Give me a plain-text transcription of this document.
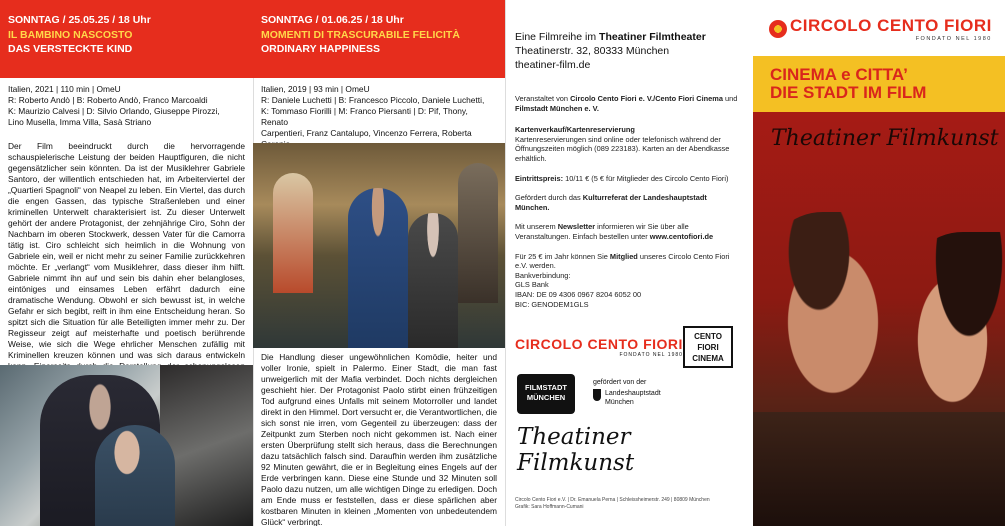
SONNTAG / 25.05.25 / 18 Uhr
IL BAMBINO NASCOSTO
DAS VERSTECKTE KIND
Italien, 2021 | 110 min | OmeU
R: Roberto Andò | B: Roberto Andò, Franco Marcoaldi
K: Maurizio Calvesi | D: Silvio Orlando, Giuseppe Pirozzi,
Lino Musella, Imma Villa, Sasà Striano
Der Film beeindruckt durch die hervorragende schauspielerische Leistung der beiden Hauptfiguren, die nicht gegensätzlicher sein könnten. Da ist der Musiklehrer Gabriele Santoro, der willentlich entschieden hat, im Arbeiterviertel der „Quartieri Spagnoli“ von Neapel zu leben. Ein Viertel, das durch die engen Gassen, das typische Straßenleben und einer kriminellen Unterwelt charakterisiert ist. Zu dieser Unterwelt gehört der andere Protagonist, der zehnjährige Ciro, Sohn der Nachbarn im oberen Stockwerk, dessen Vater für die Camorra tätig ist. Ciro schleicht sich heimlich in die Wohnung von Gabriele ein, weil er nicht mehr zu seiner Familie zurückkehren möchte. Er „verlangt“ vom Musiklehrer, dass dieser ihm hilft. Gabriele nimmt ihn auf und sein bis dahin eher belangloses, eintöniges und einsames Leben erfährt dadurch eine dramatische Wendung. Obwohl er sich bewusst ist, in welche Gefahr er sich begibt, reift in ihm eine Entscheidung heran. So spitzt sich die Situation für alle Beteiligten immer mehr zu. Der Regisseur zeigt auf meisterhafte und poetisch berührende Weise, wie sich die Wege ehrlicher Menschen zufällig mit Kriminellen kreuzen können und was sich daraus entwickeln
SONNTAG / 01.06.25 / 18 Uhr
MOMENTI DI TRASCURABILE FELICITÀ
ORDINARY HAPPINESS
Italien, 2019 | 93 min | OmeU
R: Daniele Luchetti | B: Francesco Piccolo, Daniele Luchetti,
K: Tommaso Fiorilli | M: Franco Piersanti | D: Pif, Thony, Renato
Carpentieri, Franz Cantalupo, Vincenzo Ferrera, Roberta
Die Handlung dieser ungewöhnlichen Komödie, heiter und voller Ironie, spielt in Palermo. Einer Stadt, die man fast unweigerlich mit der Mafia verbindet. Doch nichts dergleichen geschieht hier. Der Protagonist Paolo stirbt einen frühzeitigen Tod aufgrund eines Unfalls mit seinem Motorroller und landet direkt in den Himmel. Dort versucht er, die Verantwortlichen, die sich sonst nie irren, vom Gegenteil zu überzeugen: dass der Zeitpunkt zum Sterben noch nicht gekommen ist. Nach einer ersten Überprüfung stellt sich heraus, dass die Berechnungen dazu tatsächlich falsch sind. Daraufhin werden ihm zusätzliche 92 Minuten gewährt, die er in Begleitung eines Engels auf der Erde verbringen kann. Diese eine Stunde und 32 Minuten soll Paolo dazu nutzen, um alle wichtigen Dinge zu erledigen. Doch am Ende muss er feststellen, dass er diese spärlichen aber kostbaren Minuten in kleinen „Momenten von unbedeutendem Glück“ verbringt.
Eine Filmreihe im Theatiner Filmtheater
Theatinerstr. 32, 80333 München
theatiner-film.de
Veranstaltet von Circolo Cento Fiori e. V./Cento Fiori Cinema und Filmstadt München e. V.
Kartenverkauf/Kartenreservierung
Kartenreservierungen sind online oder telefonisch während der Öffnungszeiten möglich (089 223183). Karten an der Abendkasse erhältlich.
Eintrittspreis: 10/11 € (5 € für Mitglieder des Circolo Cento Fiori)
Gefördert durch das Kulturreferat der Landeshauptstadt München.
Mit unserem Newsletter informieren wir Sie über alle Veranstaltungen. Einfach bestellen unter www.centofiori.de
Für 25 € im Jahr können Sie Mitglied unseres Circolo Cento Fiori e.V. werden.
Bankverbindung:
GLS Bank
IBAN: DE 09 4306 0967 8204 6052 00
BIC: GENODEM1GLS
CIRCOLO CENTO FIORI
FONDATO NEL 1980
CENTO
FIORI
CINEMA
FILMSTADT
MÜNCHEN
gefördert von der
Landeshauptstadt
München
Theatiner Filmkunst
Circolo Cento Fiori e.V. | Dr. Emanuela Perna | Schleissheimerstr. 249 | 80809 München
Grafik: Sara Hoffmann-Cumani
CIRCOLO CENTO FIORI
FONDATO NEL 1980
CINEMA e CITTA’
DIE STADT IM FILM
Theatiner Filmkunst
